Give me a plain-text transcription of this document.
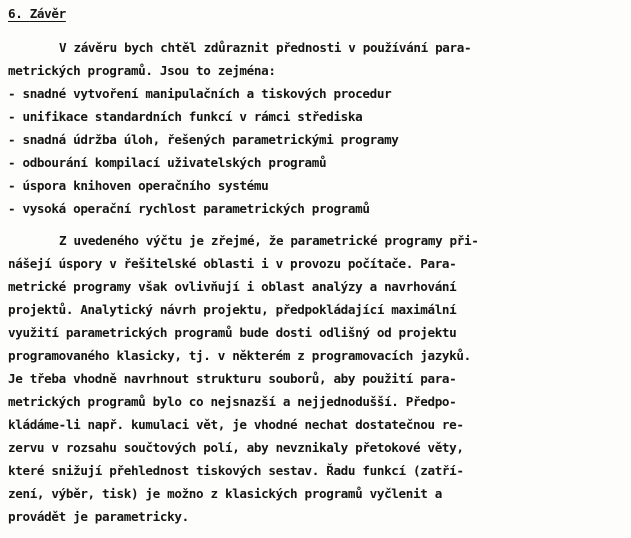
6. Závěr
V závěru bych chtěl zdůraznit přednosti v používání para-
metrických programů. Jsou to zejména:
- snadné vytvoření manipulačních a tiskových procedur
- unifikace standardních funkcí v rámci střediska
- snadná údržba úloh, řešených parametrickými programy
- odbourání kompilací uživatelských programů
- úspora knihoven operačního systému
- vysoká operační rychlost parametrických programů
Z uvedeného výčtu je zřejmé, že parametrické programy při-
nášejí úspory v řešitelské oblasti i v provozu počítače. Para-
metrické programy však ovlivňují i oblast analýzy a navrhování
projektů. Analytický návrh projektu, předpokládající maximální
využití parametrických programů bude dosti odlišný od projektu
programovaného klasicky, tj. v některém z programovacích jazyků.
Je třeba vhodně navrhnout strukturu souborů, aby použití para-
metrických programů bylo co nejsnazší a nejjednodušší. Předpo-
kládáme-li např. kumulaci vět, je vhodné nechat dostatečnou re-
zervu v rozsahu součtových polí, aby nevznikaly přetokové věty,
které snižují přehlednost tiskových sestav. Řadu funkcí (zatří-
zení, výběr, tisk) je možno z klasických programů vyčlenit a
provádět je parametricky.
